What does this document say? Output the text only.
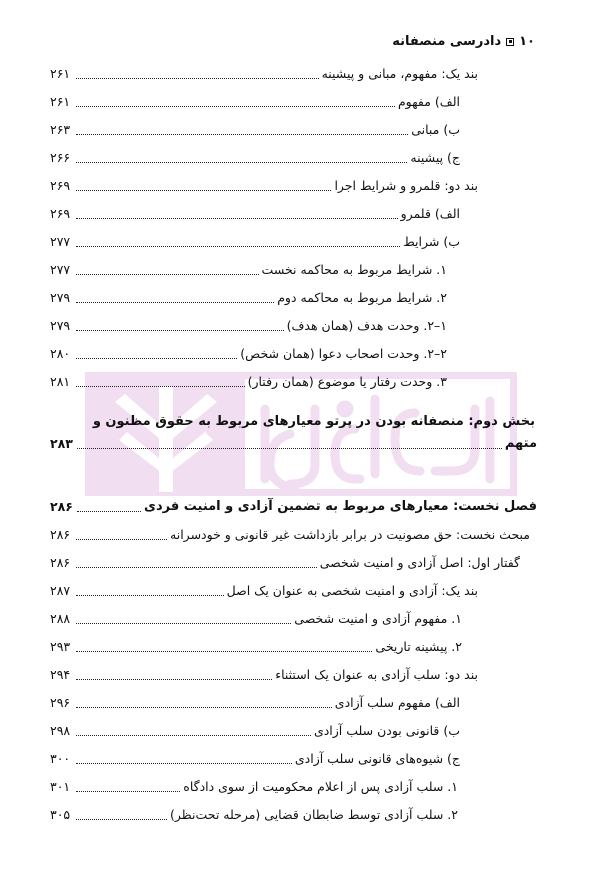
۱۰
دادرسی منصفانه
بند یک: مفهوم، مبانی و پیشینه
۲۶۱
الف) مفهوم
۲۶۱
ب) مبانی
۲۶۳
ج) پیشینه
۲۶۶
بند دو: قلمرو و شرایط اجرا
۲۶۹
الف) قلمرو
۲۶۹
ب) شرایط
۲۷۷
۱. شرایط مربوط به محاکمه نخست
۲۷۷
۲. شرایط مربوط به محاکمه دوم
۲۷۹
۱–۲. وحدت هدف (همان هدف)
۲۷۹
۲–۲. وحدت اصحاب دعوا (همان شخص)
۲۸۰
۳. وحدت رفتار یا موضوع (همان رفتار)
۲۸۱
بخش دوم: منصفانه بودن در پرتو معیارهای مربوط به حقوق مظنون و
متهم
۲۸۳
فصل نخست: معیارهای مربوط به تضمین آزادی و امنیت فردی
۲۸۶
مبحث نخست: حق مصونیت در برابر بازداشت غیر قانونی و خودسرانه
۲۸۶
گفتار اول: اصل آزادی و امنیت شخصی
۲۸۶
بند یک: آزادی و امنیت شخصی به عنوان یک اصل
۲۸۷
۱. مفهوم آزادی و امنیت شخصی
۲۸۸
۲. پیشینه تاریخی
۲۹۳
بند دو: سلب آزادی به عنوان یک استثناء
۲۹۴
الف) مفهوم سلب آزادی
۲۹۶
ب) قانونی بودن سلب آزادی
۲۹۸
ج) شیوه‌های قانونی سلب آزادی
۳۰۰
۱. سلب آزادی پس از اعلام محکومیت از سوی دادگاه
۳۰۱
۲. سلب آزادی توسط ضابطان قضایی (مرحله تحت‌نظر)
۳۰۵
